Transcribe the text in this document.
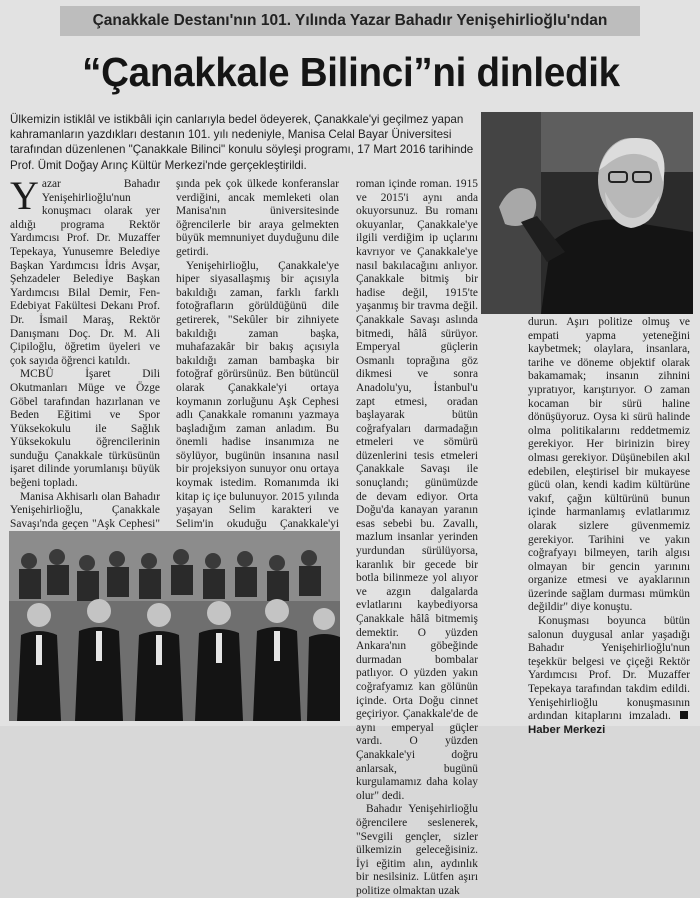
Çanakkale Destanı'nın 101. Yılında Yazar Bahadır Yenişehirlioğlu'ndan
“Çanakkale Bilinci”ni dinledik
Ülkemizin istiklâl ve istikbâli için canlarıyla bedel ödeyerek, Çanakkale'yi geçilmez yapan kahramanların yazdıkları destanın 101. yılı nedeniyle, Manisa Celal Bayar Üniversitesi tarafından düzenlenen "Çanakkale Bilinci" konulu söyleşi programı, 17 Mart 2016 tarihinde Prof. Ümit Doğay Arınç Kültür Merkezi'nde gerçekleştirildi.

Yazar Bahadır Yenişehirlioğlu'nun konuşmacı olarak yer aldığı programa Rektör Yardımcısı Prof. Dr. Muzaffer Tepekaya, Yunusemre Belediye Başkan Yardımcısı İdris Avşar, Şehzadeler Belediye Başkan Yardımcısı Bilal Demir, Fen-Edebiyat Fakültesi Dekanı Prof. Dr. İsmail Maraş, Rektör Danışmanı Doç. Dr. M. Ali Çipiloğlu, öğretim üyeleri ve çok sayıda öğrenci katıldı.

MCBÜ İşaret Dili Okutmanları Müge ve Özge Göbel tarafından hazırlanan ve Beden Eğitimi ve Spor Yüksekokulu ile Sağlık Yüksekokulu öğrencilerinin sunduğu Çanakkale türküsünün işaret dilinde yorumlanışı büyük beğeni topladı.

Manisa Akhisarlı olan Bahadır Yenişehirlioğlu, Çanakkale Savaşı'nda geçen "Aşk Cephesi"

şında pek çok ülkede konferanslar verdiğini, ancak memleketi olan Manisa'nın üniversitesinde öğrencilerle bir araya gelmekten büyük memnuniyet duyduğunu dile getirdi.

Yenişehirlioğlu, Çanakkale'ye hiper siyasallaşmış bir açısıyla bakıldığı zaman, farklı farklı fotoğrafların görüldüğünü dile getirerek, "Sekûler bir zihniyete bakıldığı zaman başka, muhafazakâr bir bakış açısıyla bakıldığı zaman bambaşka bir fotoğraf görürsünüz. Ben bütüncül olarak Çanakkale'yi ortaya koymanın zorluğunu Aşk Cephesi adlı Çanakkale romanını yazmaya başladığım zaman anladım. Bu önemli hadise insanımıza ne söylüyor, bugünün insanına nasıl bir projeksiyon sunuyor onu ortaya koymak istedim. Romanımda iki kitap iç içe bulunuyor. 2015 yılında yaşayan Selim karakteri ve Selim'in okuduğu Çanakkale'yi

roman içinde roman. 1915 ve 2015'i aynı anda okuyorsunuz. Bu romanı okuyanlar, Çanakkale'ye ilgili verdiğim ip uçlarını kavrıyor ve Çanakkale'ye nasıl bakılacağını anlıyor. Çanakkale bitmiş bir hadise değil, 1915'te yaşanmış bir travma değil. Çanakkale Savaşı aslında bitmedi, hâlâ sürüyor. Emperyal güçlerin Osmanlı toprağına göz dikmesi ve sonra Anadolu'yu, İstanbul'u zapt etmesi, oradan başlayarak bütün coğrafyaları darmadağın etmeleri ve sömürü düzenlerini tesis etmeleri Çanakkale Savaşı ile sonuçlandı; günümüzde de devam ediyor. Orta Doğu'da kanayan yaranın esas sebebi bu. Zavallı, mazlum insanlar yerinden yurdundan sürülüyorsa, karanlık bir gecede bir botla bilinmeze yol alıyor ve azgın dalgalarda evlatlarını kaybediyorsa Çanakkale hâlâ bitmemiş demektir. O yüzden Ankara'nın göbeğinde durmadan bombalar patlıyor. O yüzden yakın coğrafyamız kan gölünün içinde. Orta Doğu cinnet geçiriyor. Çanakkale'de de aynı emperyal güçler vardı. O yüzden Çanakkale'yi doğru anlarsak, bugünü kurgulamamız daha kolay olur" dedi.

Bahadır Yenişehirlioğlu öğrencilere seslenerek, "Sevgili gençler, sizler ülkemizin geleceğisiniz. İyi eğitim alın, aydınlık bir nesilsiniz. Lütfen aşırı politize olmaktan uzak

durun. Aşırı politize olmuş ve empati yapma yeteneğini kaybetmek; olaylara, insanlara, tarihe ve döneme objektif olarak bakamamak; insanın zihnini yıpratıyor, karıştırıyor. O zaman kocaman bir sürü haline dönüşüyoruz. Oysa ki sürü halinde olma politikalarını reddetmemiz gerekiyor. Her birinizin birey olması gerekiyor. Düşünebilen akıl edebilen, eleştirisel bir mukayese gücü olan, kendi kadim kültürüne vakıf, çağın kültürünü bunun içinde harmanlamış evlatlarımız olarak sizlere güvenmemiz gerekiyor. Tarihini ve yakın coğrafyayı bilmeyen, tarih algısı olmayan bir gencin yarınını organize etmesi ve ayaklarının üzerinde sağlam durması mümkün değildir" diye konuştu.

Konuşması boyunca bütün salonun duygusal anlar yaşadığı Bahadır Yenişehirlioğlu'nun teşekkür belgesi ve çiçeği Rektör Yardımcısı Prof. Dr. Muzaffer Tepekaya tarafından takdim edildi. Yenişehirlioğlu konuşmasının ardından kitaplarını imzaladı. Haber Merkezi
